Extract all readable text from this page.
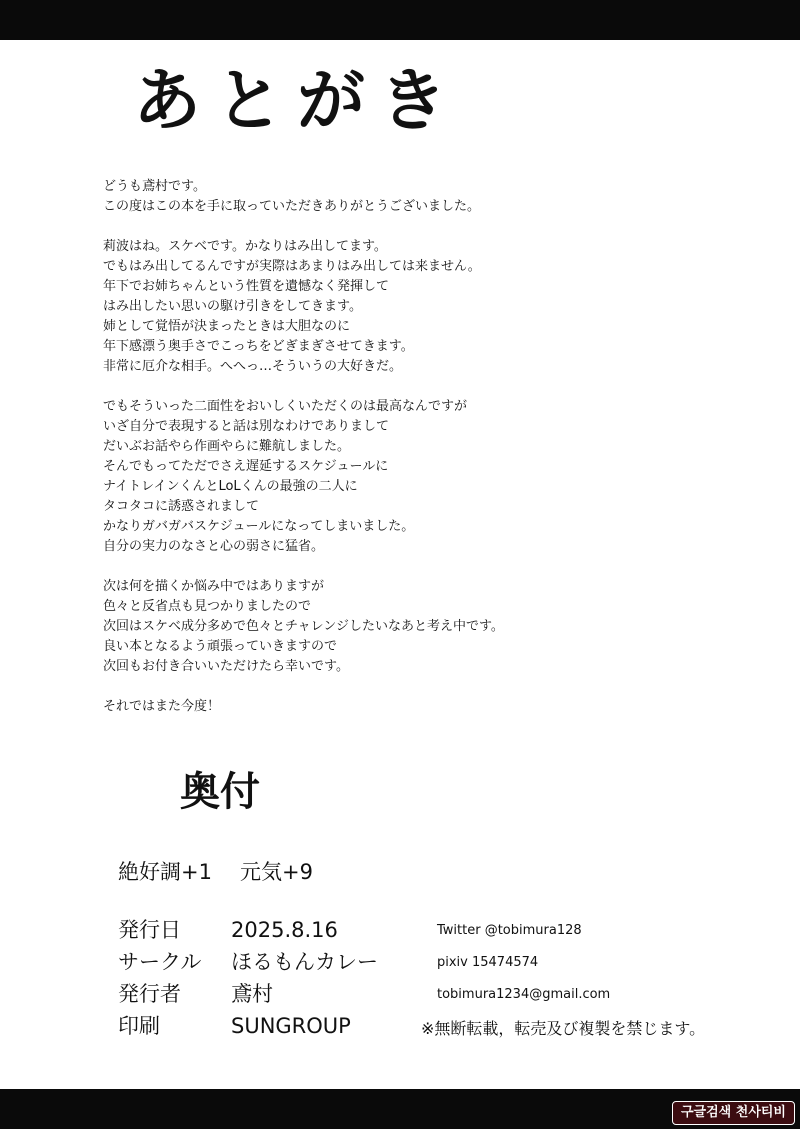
あとがき
どうも鳶村です。
この度はこの本を手に取っていただきありがとうございました。
莉波はね。スケベです。かなりはみ出してます。
でもはみ出してるんですが実際はあまりはみ出しては来ません。
年下でお姉ちゃんという性質を遺憾なく発揮して
はみ出したい思いの駆け引きをしてきます。
姉として覚悟が決まったときは大胆なのに
年下感漂う奥手さでこっちをどぎまぎさせてきます。
非常に厄介な相手。へへっ…そういうの大好きだ。
でもそういった二面性をおいしくいただくのは最高なんですが
いざ自分で表現すると話は別なわけでありまして
だいぶお話やら作画やらに難航しました。
そんでもってただでさえ遅延するスケジュールに
ナイトレインくんとLoLくんの最強の二人に
タコタコに誘惑されまして
かなりガバガバスケジュールになってしまいました。
自分の実力のなさと心の弱さに猛省。
次は何を描くか悩み中ではありますが
色々と反省点も見つかりましたので
次回はスケベ成分多めで色々とチャレンジしたいなあと考え中です。
良い本となるよう頑張っていきますので
次回もお付き合いいただけたら幸いです。
それではまた今度！
奥付
絶好調+1 元気+9
発行日 2025.8.16
サークル ほるもんカレー
発行者 鳶村
印刷	SUNGROUP
Twitter @tobimura128
pixiv 15474574
tobimura1234@gmail.com
※無断転載，転売及び複製を禁じます。
구글검색 천사티비
